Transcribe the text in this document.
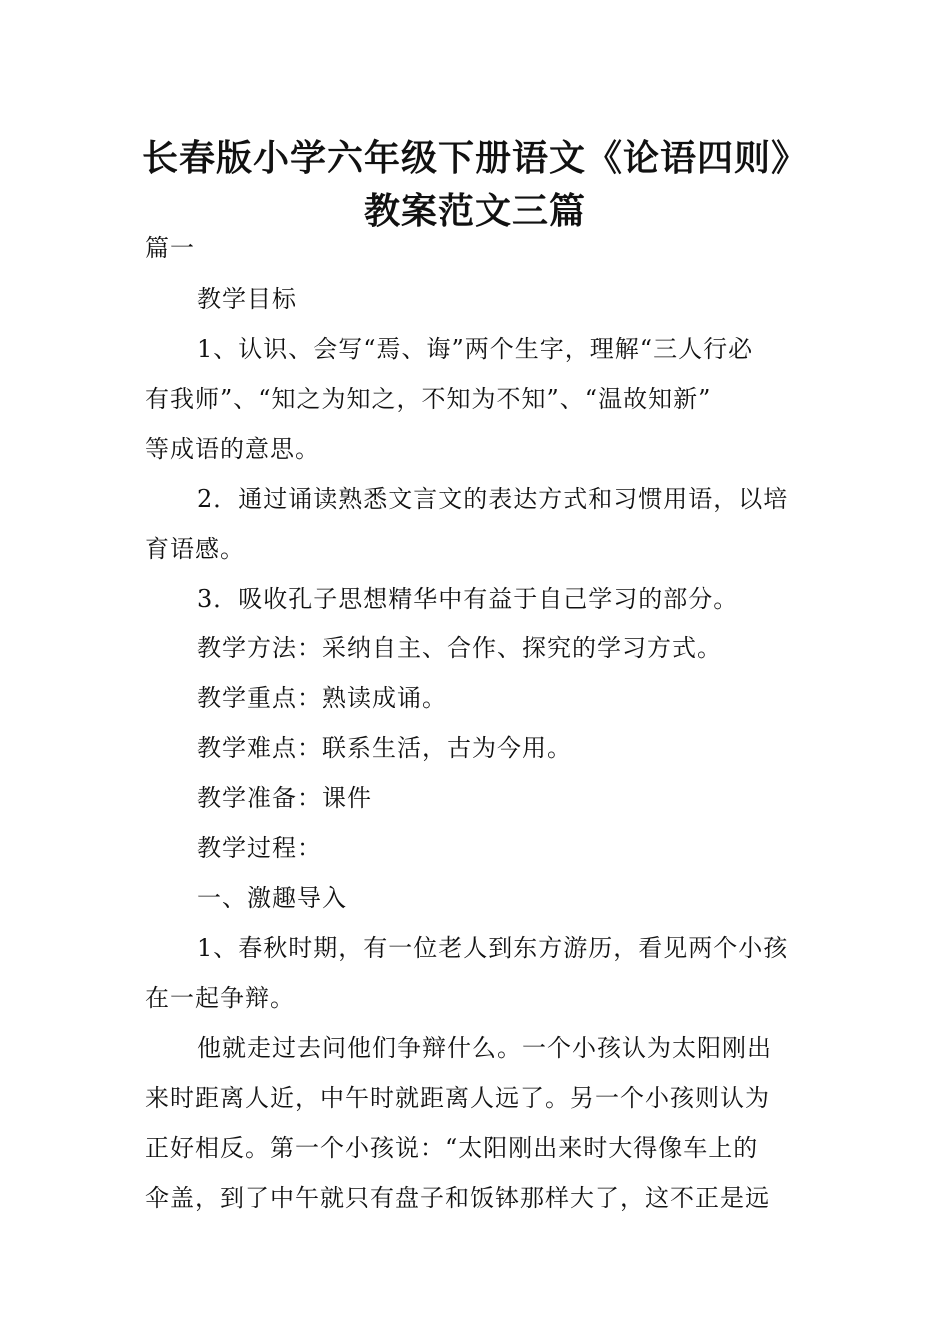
长春版小学六年级下册语文《论语四则》
教案范文三篇
篇一
教学目标
1、认识、会写“焉、诲”两个生字，理解“三人行必
有我师”、“知之为知之，不知为不知”、“温故知新”
等成语的意思。
2．通过诵读熟悉文言文的表达方式和习惯用语，以培
育语感。
3．吸收孔子思想精华中有益于自己学习的部分。
教学方法：采纳自主、合作、探究的学习方式。
教学重点：熟读成诵。
教学难点：联系生活，古为今用。
教学准备：课件
教学过程：
一、激趣导入
1、春秋时期，有一位老人到东方游历，看见两个小孩
在一起争辩。
他就走过去问他们争辩什么。一个小孩认为太阳刚出
来时距离人近，中午时就距离人远了。另一个小孩则认为
正好相反。第一个小孩说：“太阳刚出来时大得像车上的
伞盖，到了中午就只有盘子和饭钵那样大了，这不正是远
